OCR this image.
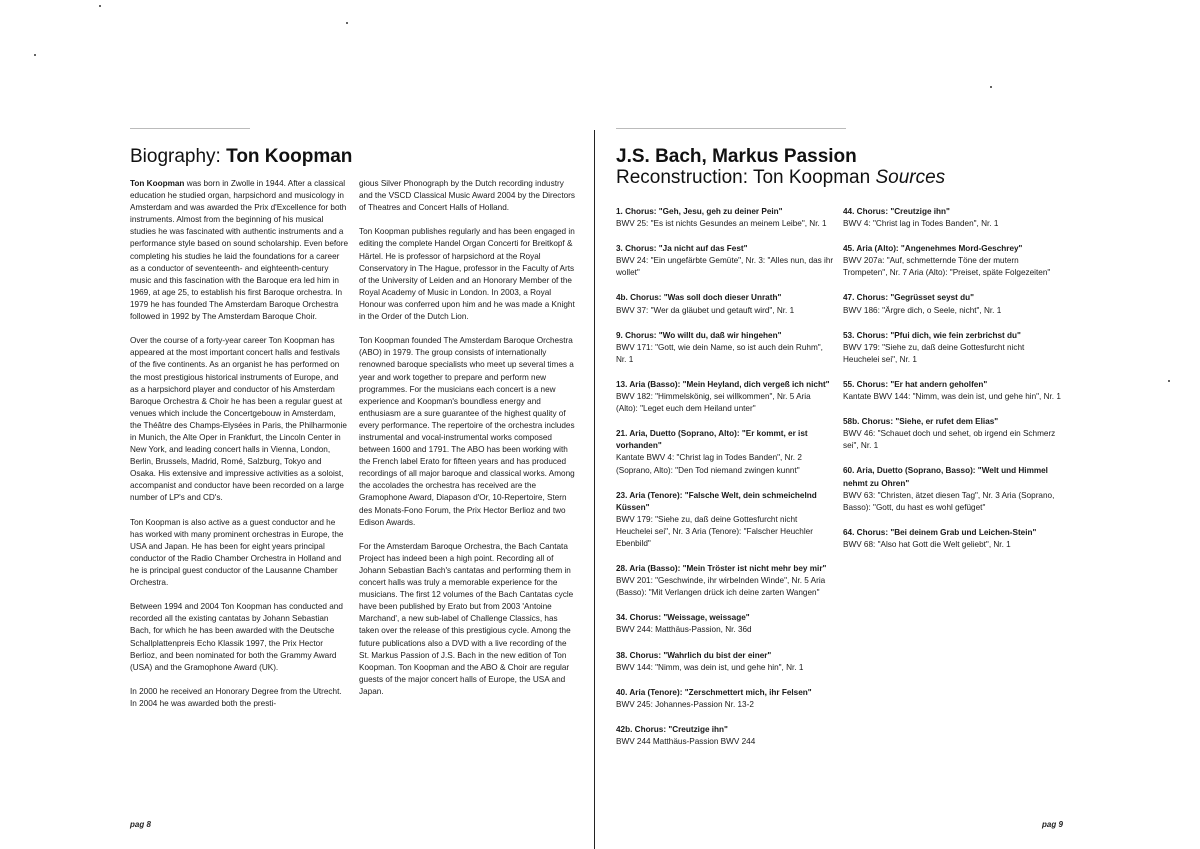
Biography: Ton Koopman

Ton Koopman was born in Zwolle in 1944. After a classical education he studied organ, harpsichord and musicology in Amsterdam and was awarded the Prix d'Excellence for both instruments. Almost from the beginning of his musical studies he was fascinated with authentic instruments and a performance style based on sound scholarship. Even before completing his studies he laid the foundations for a career as a conductor of seventeenth- and eighteenth-century music and this fascination with the Baroque era led him in 1969, at age 25, to establish his first Baroque orchestra. In 1979 he has founded The Amsterdam Baroque Orchestra followed in 1992 by The Amsterdam Baroque Choir.

Over the course of a forty-year career Ton Koopman has appeared at the most important concert halls and festivals of the five continents. As an organist he has performed on the most prestigious historical instruments of Europe, and as a harpsichord player and conductor of his Amsterdam Baroque Orchestra & Choir he has been a regular guest at venues which include the Concertgebouw in Amsterdam, the Théâtre des Champs-Elysées in Paris, the Philharmonie in Munich, the Alte Oper in Frankfurt, the Lincoln Center in New York, and leading concert halls in Vienna, London, Berlin, Brussels, Madrid, Romé, Salzburg, Tokyo and Osaka. His extensive and impressive activities as a soloist, accompanist and conductor have been recorded on a large number of LP's and CD's.

Ton Koopman is also active as a guest conductor and he has worked with many prominent orchestras in Europe, the USA and Japan. He has been for eight years principal conductor of the Radio Chamber Orchestra in Holland and he is principal guest conductor of the Lausanne Chamber Orchestra.

Between 1994 and 2004 Ton Koopman has conducted and recorded all the existing cantatas by Johann Sebastian Bach, for which he has been awarded with the Deutsche Schallplattenpreis Echo Klassik 1997, the Prix Hector Berlioz, and been nominated for both the Grammy Award (USA) and the Gramophone Award (UK).

In 2000 he received an Honorary Degree from the Utrecht. In 2004 he was awarded both the presti-

gious Silver Phonograph by the Dutch recording industry and the VSCD Classical Music Award 2004 by the Directors of Theatres and Concert Halls of Holland.

Ton Koopman publishes regularly and has been engaged in editing the complete Handel Organ Concerti for Breitkopf & Härtel. He is professor of harpsichord at the Royal Conservatory in The Hague, professor in the Faculty of Arts of the University of Leiden and an Honorary Member of the Royal Academy of Music in London. In 2003, a Royal Honour was conferred upon him and he was made a Knight in the Order of the Dutch Lion.

Ton Koopman founded The Amsterdam Baroque Orchestra (ABO) in 1979. The group consists of internationally renowned baroque specialists who meet up several times a year and work together to prepare and perform new programmes. For the musicians each concert is a new experience and Koopman's boundless energy and enthusiasm are a sure guarantee of the highest quality of every performance. The repertoire of the orchestra includes instrumental and vocal-instrumental works composed between 1600 and 1791. The ABO has been working with the French label Erato for fifteen years and has produced recordings of all major baroque and classical works. Among the accolades the orchestra has received are the Gramophone Award, Diapason d'Or, 10-Repertoire, Stern des Monats-Fono Forum, the Prix Hector Berlioz and two Edison Awards.

For the Amsterdam Baroque Orchestra, the Bach Cantata Project has indeed been a high point. Recording all of Johann Sebastian Bach's cantatas and performing them in concert halls was truly a memorable experience for the musicians. The first 12 volumes of the Bach Cantatas cycle have been published by Erato but from 2003 'Antoine Marchand', a new sub-label of Challenge Classics, has taken over the release of this prestigious cycle. Among the future publications also a DVD with a live recording of the St. Markus Passion of J.S. Bach in the new edition of Ton Koopman. Ton Koopman and the ABO & Choir are regular guests of the major concert halls of Europe, the USA and Japan.

pag 8
J.S. Bach, Markus Passion
Reconstruction: Ton Koopman Sources
1. Chorus: "Geh, Jesu, geh zu deiner Pein"
BWV 25: "Es ist nichts Gesundes an meinem Leibe", Nr. 1
3. Chorus: "Ja nicht auf das Fest"
BWV 24: "Ein ungefärbte Gemüte", Nr. 3: "Alles nun, das ihr wollet"
4b. Chorus: "Was soll doch dieser Unrath"
BWV 37: "Wer da gläubet und getauft wird", Nr. 1
9. Chorus: "Wo willt du, daß wir hingehen"
BWV 171: "Gott, wie dein Name, so ist auch dein Ruhm", Nr. 1
13. Aria (Basso): "Mein Heyland, dich vergeß ich nicht"
BWV 182: "Himmelskönig, sei willkommen", Nr. 5 Aria (Alto): "Leget euch dem Heiland unter"
21. Aria, Duetto (Soprano, Alto): "Er kommt, er ist vorhanden"
Kantate BWV 4: "Christ lag in Todes Banden", Nr. 2 (Soprano, Alto): "Den Tod niemand zwingen kunnt"
23. Aria (Tenore): "Falsche Welt, dein schmeichelnd Küssen"
BWV 179: "Siehe zu, daß deine Gottesfurcht nicht Heuchelei sei", Nr. 3 Aria (Tenore): "Falscher Heuchler Ebenbild"
28. Aria (Basso): "Mein Tröster ist nicht mehr bey mir"
BWV 201: "Geschwinde, ihr wirbelnden Winde", Nr. 5 Aria (Basso): "Mit Verlangen drück ich deine zarten Wangen"
34. Chorus: "Weissage, weissage"
BWV 244: Matthäus-Passion, Nr. 36d
38. Chorus: "Wahrlich du bist der einer"
BWV 144: "Nimm, was dein ist, und gehe hin", Nr. 1
40. Aria (Tenore): "Zerschmettert mich, ihr Felsen"
BWV 245: Johannes-Passion Nr. 13-2
42b. Chorus: "Creutzige ihn"
BWV 244 Matthäus-Passion BWV 244
44. Chorus: "Creutzige ihn"
BWV 4: "Christ lag in Todes Banden", Nr. 1
45. Aria (Alto): "Angenehmes Mord-Geschrey"
BWV 207a: "Auf, schmetternde Töne der mutern Trompeten", Nr. 7 Aria (Alto): "Preiset, späte Folgezeiten"
47. Chorus: "Gegrüsset seyst du"
BWV 186: "Ärgre dich, o Seele, nicht", Nr. 1
53. Chorus: "Pfui dich, wie fein zerbrichst du"
BWV 179: "Siehe zu, daß deine Gottesfurcht nicht Heuchelei sei", Nr. 1
55. Chorus: "Er hat andern geholfen"
Kantate BWV 144: "Nimm, was dein ist, und gehe hin", Nr. 1
58b. Chorus: "Siehe, er rufet dem Elias"
BWV 46: "Schauet doch und sehet, ob irgend ein Schmerz sei", Nr. 1
60. Aria, Duetto (Soprano, Basso): "Welt und Himmel nehmt zu Ohren"
BWV 63: "Christen, ätzet diesen Tag", Nr. 3 Aria (Soprano, Basso): "Gott, du hast es wohl gefüget"
64. Chorus: "Bei deinem Grab und Leichen-Stein"
BWV 68: "Also hat Gott die Welt geliebt", Nr. 1
pag 9
